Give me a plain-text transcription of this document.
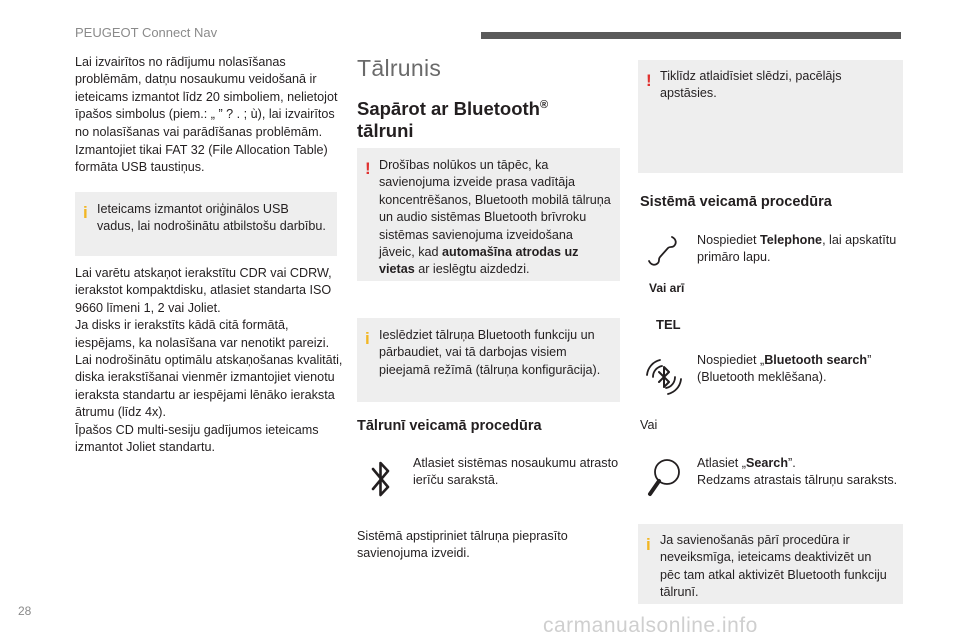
PEUGEOT Connect Nav

Lai izvairītos no rādījumu nolasīšanas problēmām, datņu nosaukumu veidošanā ir ieteicams izmantot līdz 20 simboliem, nelietojot īpašos simbolus (piem.: „ ” ? . ; ù), lai izvairītos no nolasīšanas vai parādīšanas problēmām.

Izmantojiet tikai FAT 32 (File Allocation Table) formāta USB taustiņus.

i Ieteicams izmantot oriģinālos USB vadus, lai nodrošinātu atbilstošu darbību.

Lai varētu atskaņot ierakstītu CDR vai CDRW, ierakstot kompaktdisku, atlasiet standarta ISO 9660 līmeni 1, 2 vai Joliet.
Ja disks ir ierakstīts kādā citā formātā, iespējams, ka nolasīšana var nenotikt pareizi.
Lai nodrošinātu optimālu atskaņošanas kvalitāti, diska ierakstīšanai vienmēr izmantojiet vienotu ieraksta standartu ar iespējami lēnāko ieraksta ātrumu (līdz 4x).
Īpašos CD multi-sesiju gadījumos ieteicams izmantot Joliet standartu.

Tālrunis
Sapārot ar Bluetooth®
tālruni
! Drošības nolūkos un tāpēc, ka savienojuma izveide prasa vadītāja koncentrēšanos, Bluetooth mobilā tālruņa un audio sistēmas Bluetooth brīvroku sistēmas savienojuma izveidošana jāveic, kad automašīna atrodas uz vietas ar ieslēgtu aizdedzi.

i Ieslēdziet tālruņa Bluetooth funkciju un pārbaudiet, vai tā darbojas visiem pieejamā režīmā (tālruņa konfigurācija).

Tālrunī veicamā procedūra

Atlasiet sistēmas nosaukumu atrasto ierīču sarakstā.

Sistēmā apstipriniet tālruņa pieprasīto savienojuma izveidi.

! Tiklīdz atlaidīsiet slēdzi, pacēlājs apstāsies.

Sistēmā veicamā procedūra

Nospiediet Telephone, lai apskatītu primāro lapu.

Vai arī
TEL

Nospiediet „Bluetooth search” (Bluetooth meklēšana).

Vai

Atlasiet „Search”.
Redzams atrastais tālruņu saraksts.

i Ja savienošanās pārī procedūra ir neveiksmīga, ieteicams deaktivizēt un pēc tam atkal aktivizēt Bluetooth funkciju tālrunī.

28
carmanualsonline.info
